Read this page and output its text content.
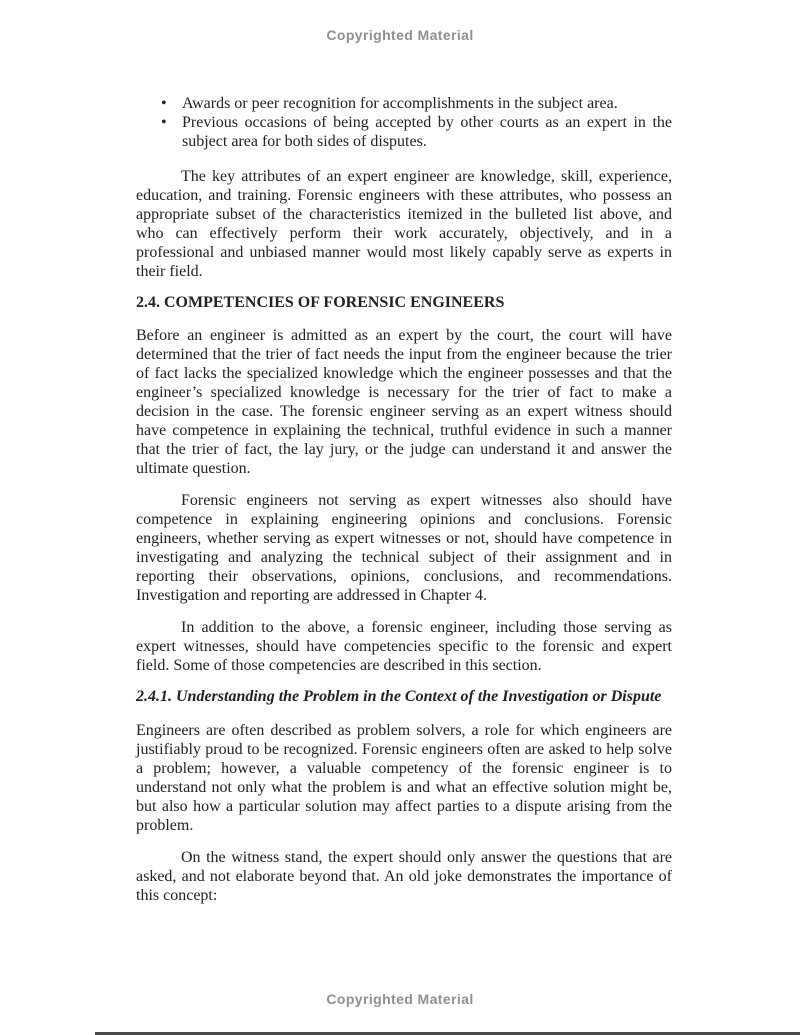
Copyrighted Material
• Awards or peer recognition for accomplishments in the subject area.
• Previous occasions of being accepted by other courts as an expert in the subject area for both sides of disputes.

The key attributes of an expert engineer are knowledge, skill, experience, education, and training. Forensic engineers with these attributes, who possess an appropriate subset of the characteristics itemized in the bulleted list above, and who can effectively perform their work accurately, objectively, and in a professional and unbiased manner would most likely capably serve as experts in their field.

2.4. COMPETENCIES OF FORENSIC ENGINEERS

Before an engineer is admitted as an expert by the court, the court will have determined that the trier of fact needs the input from the engineer because the trier of fact lacks the specialized knowledge which the engineer possesses and that the engineer’s specialized knowledge is necessary for the trier of fact to make a decision in the case. The forensic engineer serving as an expert witness should have competence in explaining the technical, truthful evidence in such a manner that the trier of fact, the lay jury, or the judge can understand it and answer the ultimate question.

Forensic engineers not serving as expert witnesses also should have competence in explaining engineering opinions and conclusions. Forensic engineers, whether serving as expert witnesses or not, should have competence in investigating and analyzing the technical subject of their assignment and in reporting their observations, opinions, conclusions, and recommendations. Investigation and reporting are addressed in Chapter 4.

In addition to the above, a forensic engineer, including those serving as expert witnesses, should have competencies specific to the forensic and expert field. Some of those competencies are described in this section.

2.4.1. Understanding the Problem in the Context of the Investigation or Dispute

Engineers are often described as problem solvers, a role for which engineers are justifiably proud to be recognized. Forensic engineers often are asked to help solve a problem; however, a valuable competency of the forensic engineer is to understand not only what the problem is and what an effective solution might be, but also how a particular solution may affect parties to a dispute arising from the problem.

On the witness stand, the expert should only answer the questions that are asked, and not elaborate beyond that. An old joke demonstrates the importance of this concept:

Copyrighted Material
